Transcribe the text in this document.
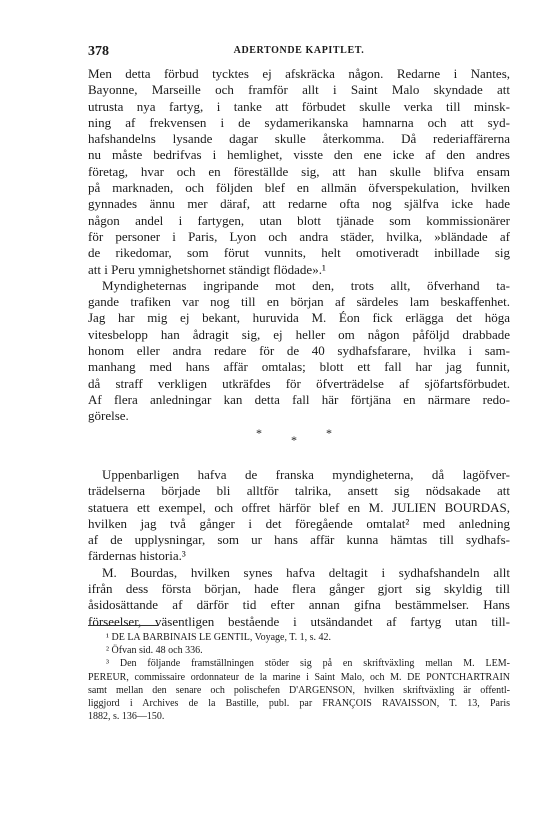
378	ADERTONDE KAPITLET.
Men detta förbud tycktes ej afskräcka någon. Redarne i Nantes,
Bayonne, Marseille och framför allt i Saint Malo skyndade att
utrusta nya fartyg, i tanke att förbudet skulle verka till minsk-
ning af frekvensen i de sydamerikanska hamnarna och att syd-
hafshandelns lysande dagar skulle återkomma. Då rederiaffärerna
nu måste bedrifvas i hemlighet, visste den ene icke af den andres
företag, hvar och en föreställde sig, att han skulle blifva ensam
på marknaden, och följden blef en allmän öfverspekulation, hvilken
gynnades ännu mer däraf, att redarne ofta nog själfva icke hade
någon andel i fartygen, utan blott tjänade som kommissionärer
för personer i Paris, Lyon och andra städer, hvilka, »bländade af
de rikedomar, som förut vunnits, helt omotiveradt inbillade sig
att i Peru ymnighetshornet ständigt flödade».¹
Myndigheternas ingripande mot den, trots allt, öfverhand ta-
gande trafiken var nog till en början af särdeles lam beskaffenhet.
Jag har mig ej bekant, huruvida M. Éon fick erlägga det höga
vitesbelopp han ådragit sig, ej heller om någon påföljd drabbade
honom eller andra redare för de 40 sydhafsfarare, hvilka i sam-
manhang med hans affär omtalas; blott ett fall har jag funnit,
då straff verkligen utkräfdes för öfverträdelse af sjöfartsförbudet.
Af flera anledningar kan detta fall här förtjäna en närmare redo-
görelse.
* * *
Uppenbarligen hafva de franska myndigheterna, då lagöfver-
trädelserna började bli alltför talrika, ansett sig nödsakade att
statuera ett exempel, och offret härför blef en M. JULIEN BOURDAS,
hvilken jag två gånger i det föregående omtalat² med anledning
af de upplysningar, som ur hans affär kunna hämtas till sydhafs-
färdernas historia.³
M. Bourdas, hvilken synes hafva deltagit i sydhafshandeln allt
ifrån dess första början, hade flera gånger gjort sig skyldig till
åsidosättande af därför tid efter annan gifna bestämmelser. Hans
förseelser, väsentligen bestående i utsändandet af fartyg utan till-
¹ DE LA BARBINAIS LE GENTIL, Voyage, T. 1, s. 42.
² Öfvan sid. 48 och 336.
³ Den följande framställningen stöder sig på en skriftväxling mellan M. LEM-
PEREUR, commissaire ordonnateur de la marine i Saint Malo, och M. DE PONTCHARTRAIN
samt mellan den senare och polischefen D'ARGENSON, hvilken skriftväxling är offentl-
liggjord i Archives de la Bastille, publ. par FRANÇOIS RAVAISSON, T. 13, Paris
1882, s. 136—150.
